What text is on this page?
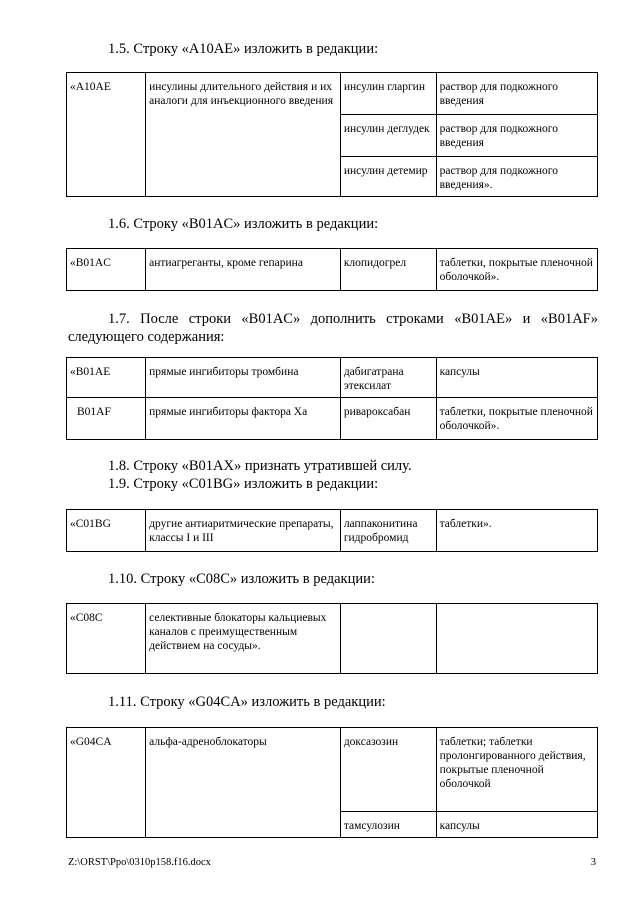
1.5. Строку «A10AE» изложить в редакции:

«A10AE	инсулины длительного действия и их аналоги для инъекционного введения	инсулин гларгин	раствор для подкожного введения
		инсулин деглудек	раствор для подкожного введения
		инсулин детемир	раствор для подкожного введения».

1.6. Строку «B01AC» изложить в редакции:

«B01AC	антиагреганты, кроме гепарина	клопидогрел	таблетки, покрытые пленочной оболочкой».

1.7. После строки «B01AC» дополнить строками «B01AE» и «B01AF» следующего содержания:

«B01AE	прямые ингибиторы тромбина	дабигатрана этексилат	капсулы
B01AF	прямые ингибиторы фактора Xa	ривароксабан	таблетки, покрытые пленочной оболочкой».

1.8. Строку «B01AX» признать утратившей силу.

1.9. Строку «C01BG» изложить в редакции:

«C01BG	другие антиаритмические препараты, классы I и III	лаппаконитина гидробромид	таблетки».

1.10. Строку «C08C» изложить в редакции:

«C08C	селективные блокаторы кальциевых каналов с преимущественным действием на сосуды».		

1.11. Строку «G04CA» изложить в редакции:

«G04CA	альфа-адреноблокаторы	доксазозин	таблетки; таблетки пролонгированного действия, покрытые пленочной оболочкой
		тамсулозин	капсулы
Z:\ORST\Ppo\0310p158.f16.docx	3
